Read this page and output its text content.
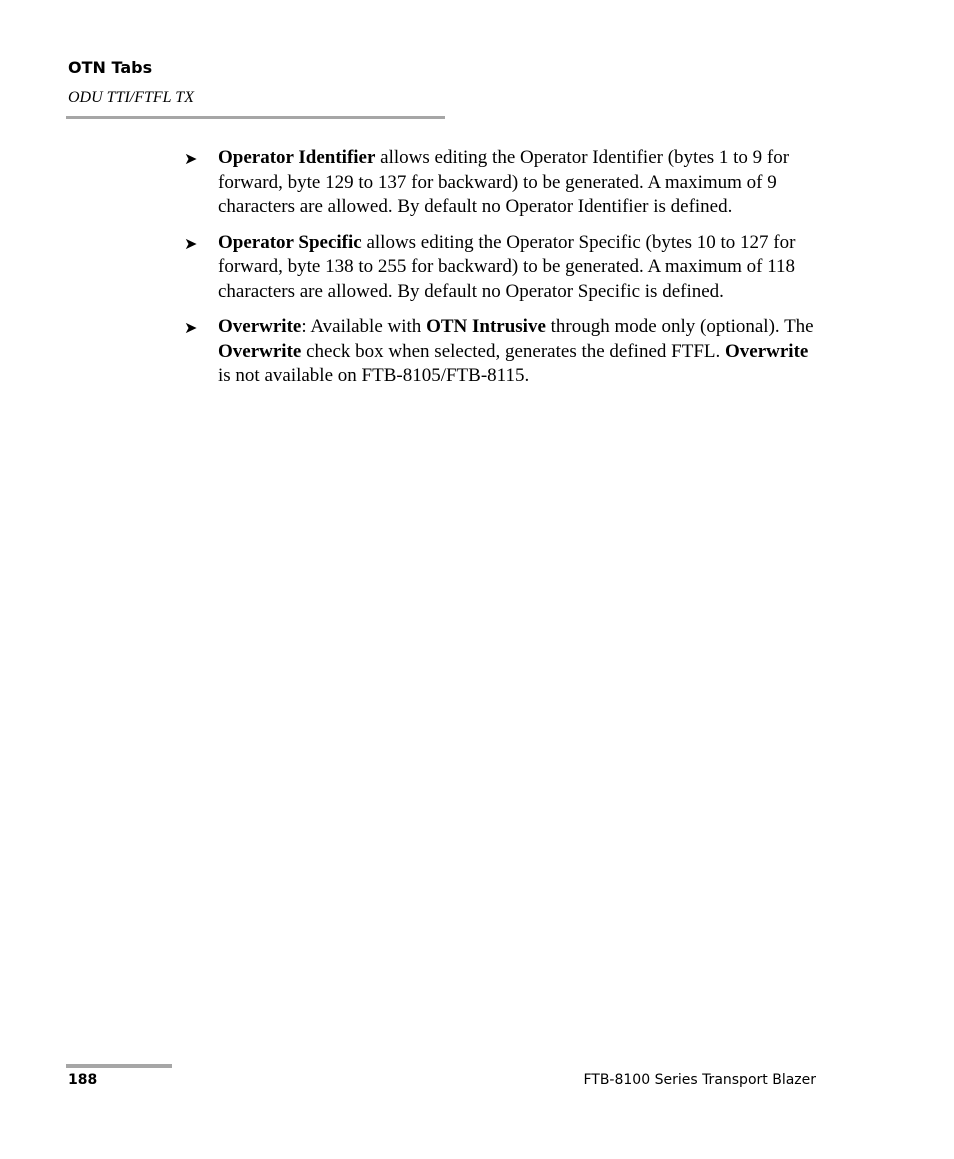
OTN Tabs
ODU TTI/FTFL TX
➤ Operator Identifier allows editing the Operator Identifier (bytes 1 to 9 for forward, byte 129 to 137 for backward) to be generated. A maximum of 9 characters are allowed. By default no Operator Identifier is defined.
➤ Operator Specific allows editing the Operator Specific (bytes 10 to 127 for forward, byte 138 to 255 for backward) to be generated. A maximum of 118 characters are allowed. By default no Operator Specific is defined.
➤ Overwrite: Available with OTN Intrusive through mode only (optional). The Overwrite check box when selected, generates the defined FTFL. Overwrite is not available on FTB-8105/FTB-8115.
188	FTB-8100 Series Transport Blazer
